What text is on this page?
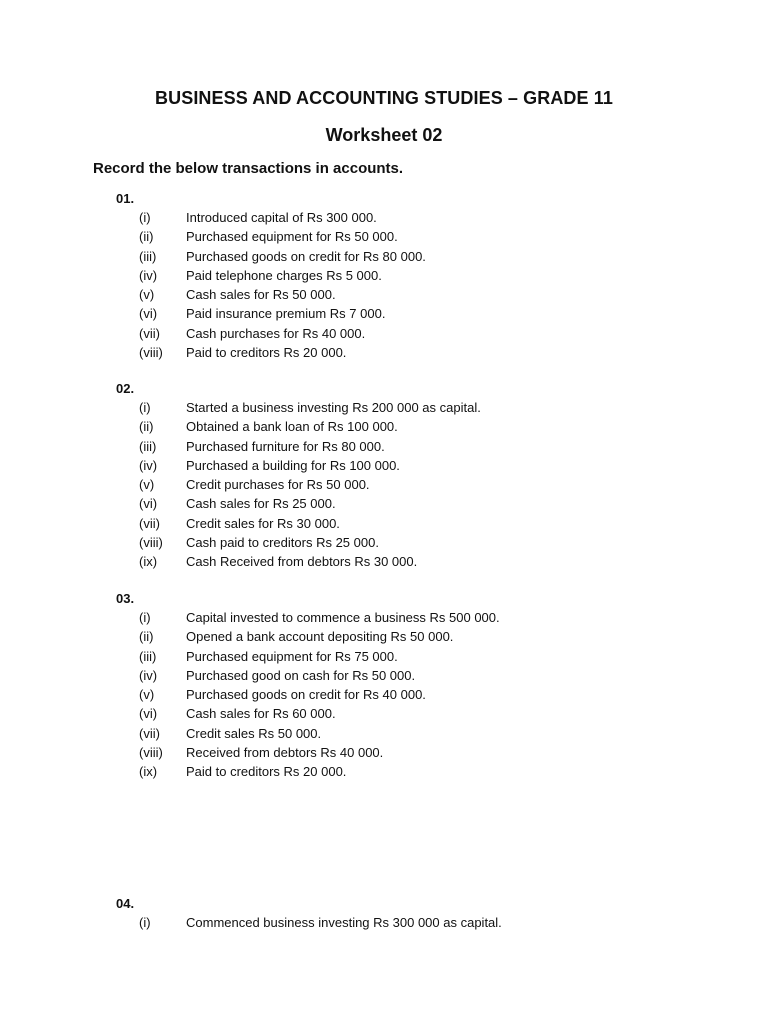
BUSINESS AND ACCOUNTING STUDIES – GRADE 11
Worksheet 02
Record the below transactions in accounts.
01.
(i)	Introduced capital of Rs 300 000.
(ii)	Purchased equipment for Rs 50 000.
(iii) Purchased goods on credit for Rs 80 000.
(iv) Paid telephone charges Rs 5 000.
(v) Cash sales for Rs 50 000.
(vi) Paid insurance premium Rs 7 000.
(vii) Cash purchases for Rs 40 000.
(viii) Paid to creditors Rs 20 000.
02.
(i)	Started a business investing Rs 200 000 as capital.
(ii)	Obtained a bank loan of Rs 100 000.
(iii) Purchased furniture for Rs 80 000.
(iv) Purchased a building for Rs 100 000.
(v) Credit purchases for Rs 50 000.
(vi) Cash sales for Rs 25 000.
(vii) Credit sales for Rs 30 000.
(viii) Cash paid to creditors Rs 25 000.
(ix) Cash Received from debtors Rs 30 000.
03.
(i)	Capital invested to commence a business Rs 500 000.
(ii)	Opened a bank account depositing Rs 50 000.
(iii) Purchased equipment for Rs 75 000.
(iv) Purchased good on cash for Rs 50 000.
(v) Purchased goods on credit for Rs 40 000.
(vi) Cash sales for Rs 60 000.
(vii) Credit sales Rs 50 000.
(viii) Received from debtors Rs 40 000.
(ix) Paid to creditors Rs 20 000.
04.
(i)	Commenced business investing Rs 300 000 as capital.
